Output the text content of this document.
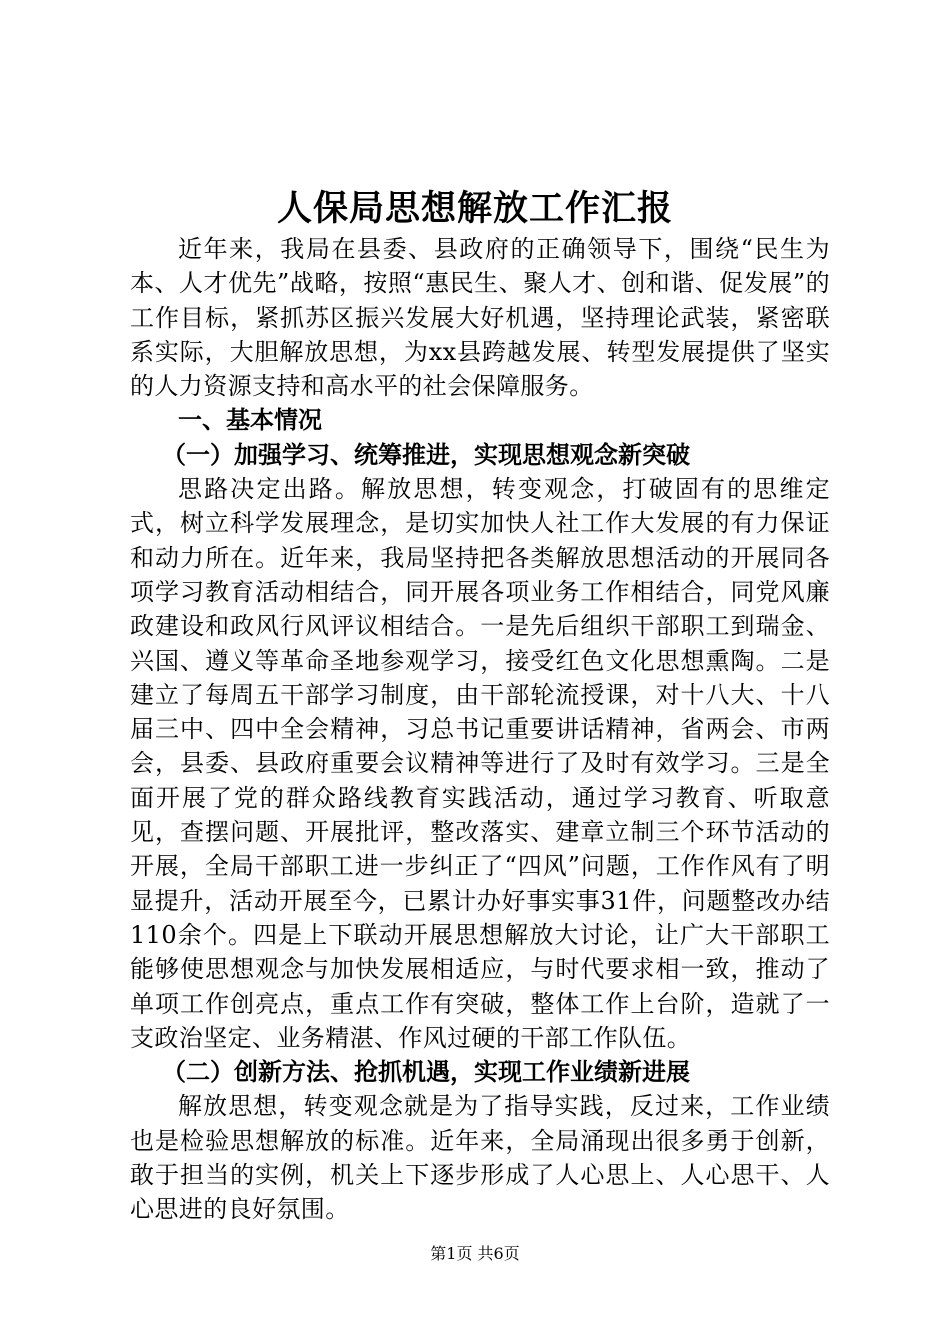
人保局思想解放工作汇报

近年来，我局在县委、县政府的正确领导下，围绕“民生为本、人才优先”战略，按照“惠民生、聚人才、创和谐、促发展”的工作目标，紧抓苏区振兴发展大好机遇，坚持理论武装，紧密联系实际，大胆解放思想，为xx县跨越发展、转型发展提供了坚实的人力资源支持和高水平的社会保障服务。

一、基本情况

（一）加强学习、统筹推进，实现思想观念新突破

思路决定出路。解放思想，转变观念，打破固有的思维定式，树立科学发展理念，是切实加快人社工作大发展的有力保证和动力所在。近年来，我局坚持把各类解放思想活动的开展同各项学习教育活动相结合，同开展各项业务工作相结合，同党风廉政建设和政风行风评议相结合。一是先后组织干部职工到瑞金、兴国、遵义等革命圣地参观学习，接受红色文化思想熏陶。二是建立了每周五干部学习制度，由干部轮流授课，对十八大、十八届三中、四中全会精神，习总书记重要讲话精神，省两会、市两会，县委、县政府重要会议精神等进行了及时有效学习。三是全面开展了党的群众路线教育实践活动，通过学习教育、听取意见，查摆问题、开展批评，整改落实、建章立制三个环节活动的开展，全局干部职工进一步纠正了“四风”问题，工作作风有了明显提升，活动开展至今，已累计办好事实事31件，问题整改办结110余个。四是上下联动开展思想解放大讨论，让广大干部职工能够使思想观念与加快发展相适应，与时代要求相一致，推动了单项工作创亮点，重点工作有突破，整体工作上台阶，造就了一支政治坚定、业务精湛、作风过硬的干部工作队伍。

（二）创新方法、抢抓机遇，实现工作业绩新进展

解放思想，转变观念就是为了指导实践，反过来，工作业绩也是检验思想解放的标准。近年来，全局涌现出很多勇于创新，敢于担当的实例，机关上下逐步形成了人心思上、人心思干、人心思进的良好氛围。

第1页 共6页
